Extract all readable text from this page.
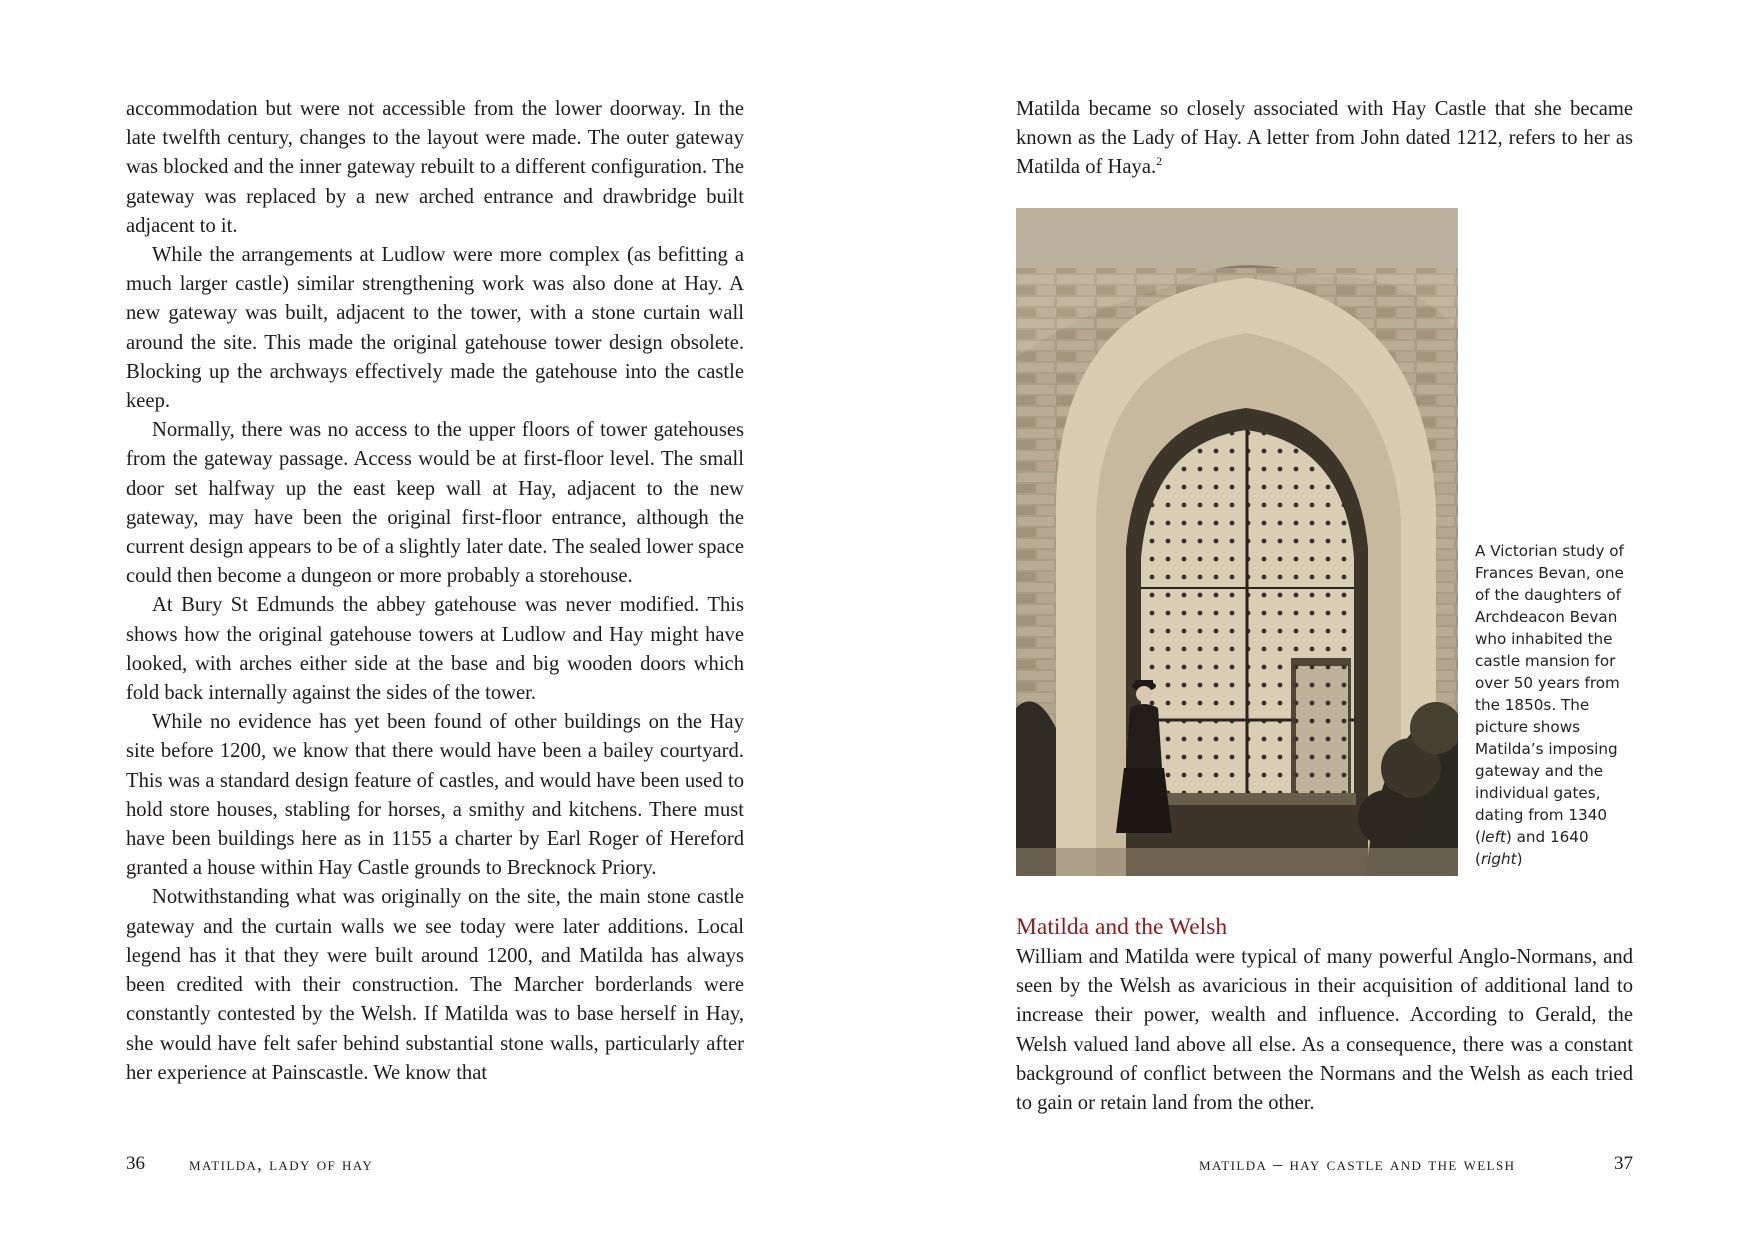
accommodation but were not accessible from the lower doorway. In the late twelfth century, changes to the layout were made. The outer gateway was blocked and the inner gateway rebuilt to a different configuration. The gateway was replaced by a new arched entrance and drawbridge built adjacent to it.

While the arrangements at Ludlow were more complex (as befitting a much larger castle) similar strengthening work was also done at Hay. A new gateway was built, adjacent to the tower, with a stone curtain wall around the site. This made the original gatehouse tower design obsolete. Blocking up the archways effectively made the gatehouse into the castle keep.

Normally, there was no access to the upper floors of tower gatehouses from the gateway passage. Access would be at first-floor level. The small door set halfway up the east keep wall at Hay, adjacent to the new gateway, may have been the original first-floor entrance, although the current design appears to be of a slightly later date. The sealed lower space could then become a dungeon or more probably a storehouse.

At Bury St Edmunds the abbey gatehouse was never modified. This shows how the original gatehouse towers at Ludlow and Hay might have looked, with arches either side at the base and big wooden doors which fold back internally against the sides of the tower.

While no evidence has yet been found of other buildings on the Hay site before 1200, we know that there would have been a bailey courtyard. This was a standard design feature of castles, and would have been used to hold store houses, stabling for horses, a smithy and kitchens. There must have been buildings here as in 1155 a charter by Earl Roger of Hereford granted a house within Hay Castle grounds to Brecknock Priory.

Notwithstanding what was originally on the site, the main stone castle gateway and the curtain walls we see today were later additions. Local legend has it that they were built around 1200, and Matilda has always been credited with their construction. The Marcher borderlands were constantly contested by the Welsh. If Matilda was to base herself in Hay, she would have felt safer behind substantial stone walls, particularly after her experience at Painscastle. We know that

36 matilda, lady of hay

Matilda became so closely associated with Hay Castle that she became known as the Lady of Hay. A letter from John dated 1212, refers to her as Matilda of Haya.$^2$

A Victorian study of Frances Bevan, one of the daughters of Archdeacon Bevan who inhabited the castle mansion for over 50 years from the 1850s. The picture shows Matilda’s imposing gateway and the individual gates, dating from 1340 (left) and 1640 (right)

Matilda and the Welsh

William and Matilda were typical of many powerful Anglo-Normans, and seen by the Welsh as avaricious in their acquisition of additional land to increase their power, wealth and influence. According to Gerald, the Welsh valued land above all else. As a consequence, there was a constant background of conflict between the Normans and the Welsh as each tried to gain or retain land from the other.

matilda – hay castle and the welsh	37
